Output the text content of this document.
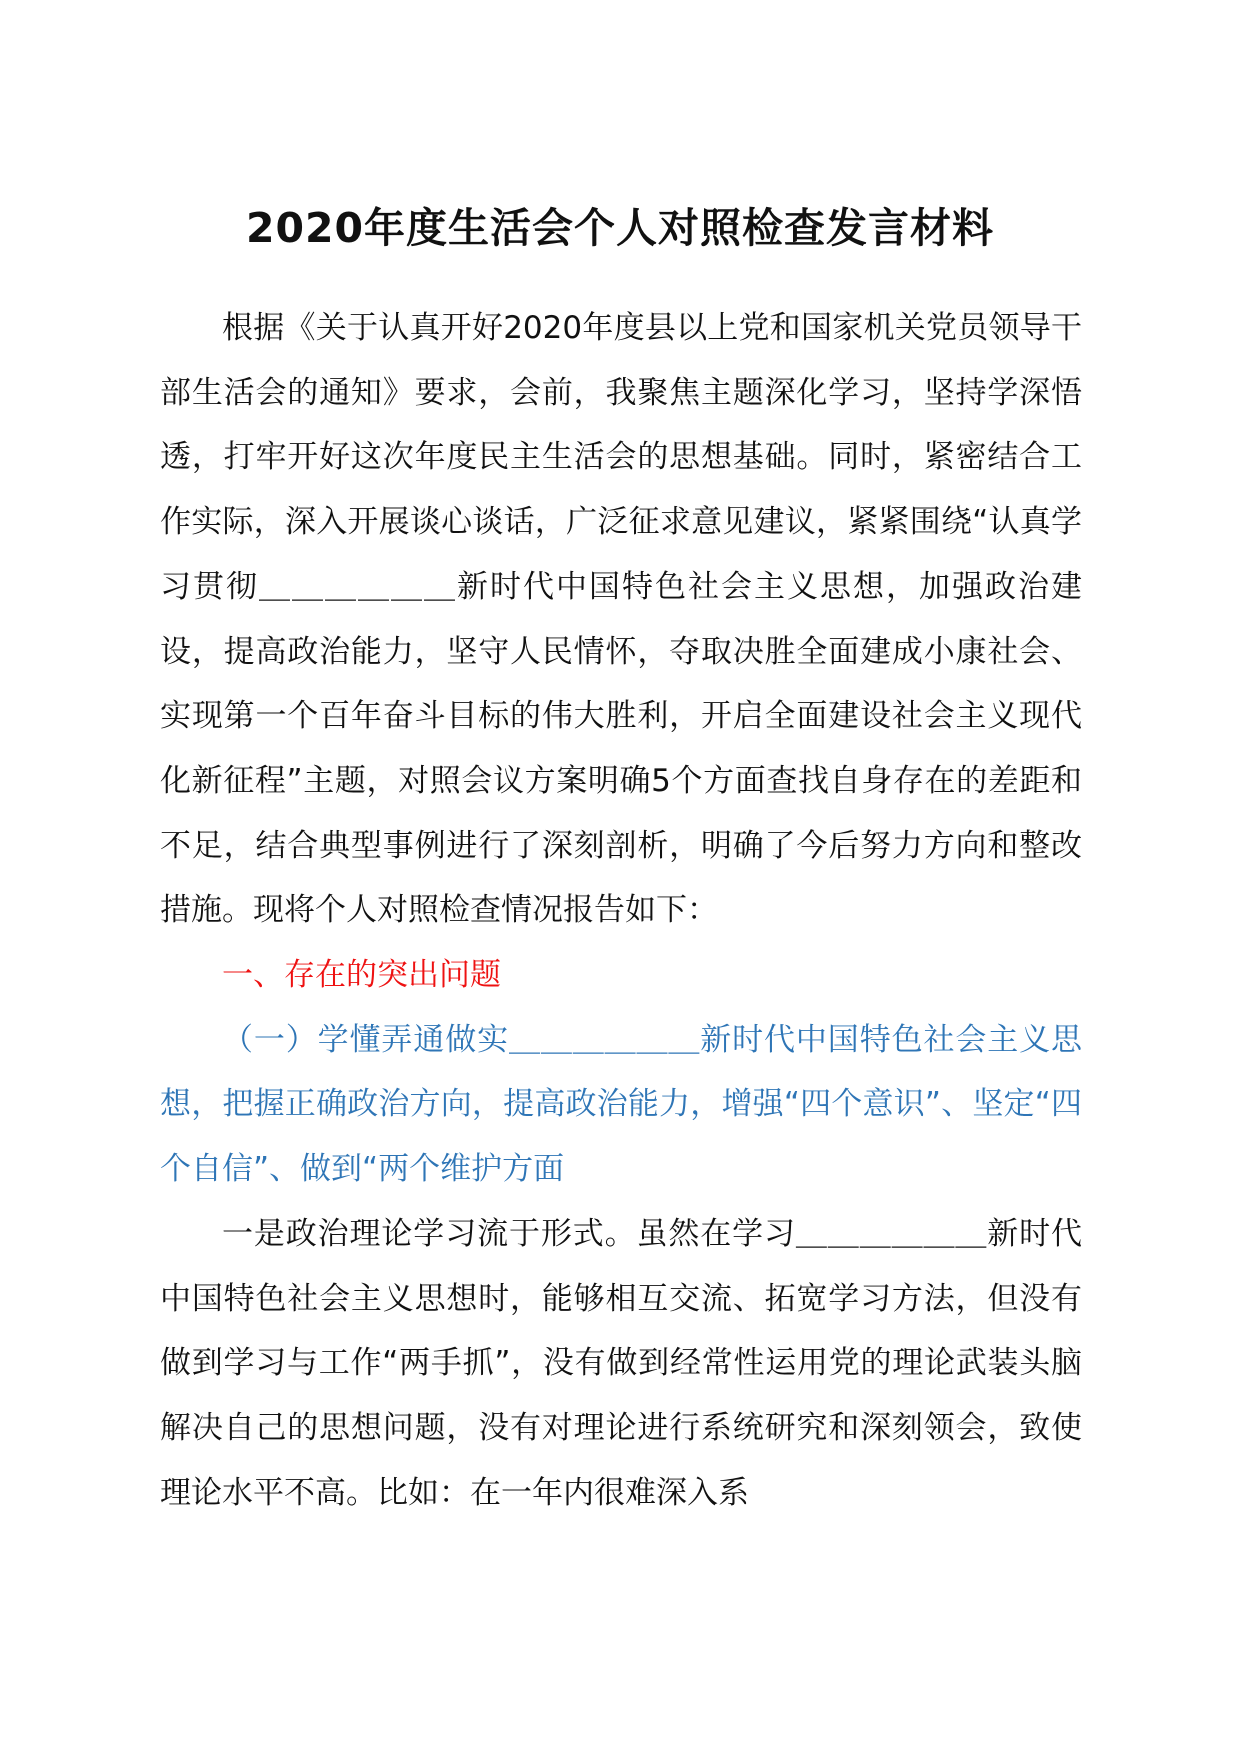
2020年度生活会个人对照检查发言材料

根据《关于认真开好2020年度县以上党和国家机关党员领导干部生活会的通知》要求，会前，我聚焦主题深化学习，坚持学深悟透，打牢开好这次年度民主生活会的思想基础。同时，紧密结合工作实际，深入开展谈心谈话，广泛征求意见建议，紧紧围绕“认真学习贯彻＿＿＿＿＿＿新时代中国特色社会主义思想，加强政治建设，提高政治能力，坚守人民情怀，夺取决胜全面建成小康社会、实现第一个百年奋斗目标的伟大胜利，开启全面建设社会主义现代化新征程”主题，对照会议方案明确5个方面查找自身存在的差距和不足，结合典型事例进行了深刻剖析，明确了今后努力方向和整改措施。现将个人对照检查情况报告如下：

一、存在的突出问题

（一）学懂弄通做实＿＿＿＿＿＿新时代中国特色社会主义思想，把握正确政治方向，提高政治能力，增强“四个意识”、坚定“四个自信”、做到“两个维护方面

一是政治理论学习流于形式。虽然在学习＿＿＿＿＿＿新时代中国特色社会主义思想时，能够相互交流、拓宽学习方法，但没有做到学习与工作“两手抓”，没有做到经常性运用党的理论武装头脑解决自己的思想问题，没有对理论进行系统研究和深刻领会，致使理论水平不高。比如：在一年内很难深入系
